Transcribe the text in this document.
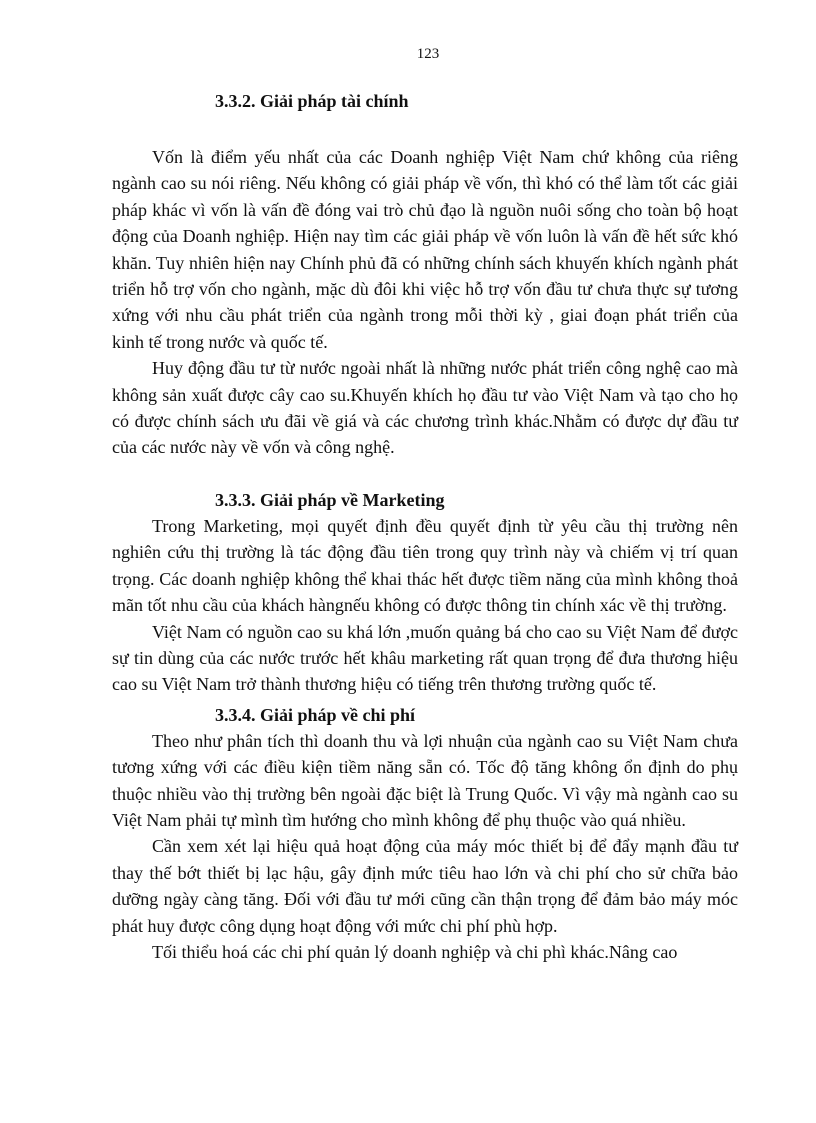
123
3.3.2. Giải pháp tài chính

Vốn là điểm yếu nhất của các Doanh nghiệp Việt Nam chứ không của riêng ngành cao su nói riêng. Nếu không có giải pháp về vốn, thì khó có thể làm tốt các giải pháp khác vì vốn là vấn đề đóng vai trò chủ đạo là nguồn nuôi sống cho toàn bộ hoạt động của Doanh nghiệp. Hiện nay tìm các giải pháp về vốn luôn là vấn đề hết sức khó khăn. Tuy nhiên hiện nay Chính phủ đã có những chính sách khuyến khích ngành phát triển hỗ trợ vốn cho ngành, mặc dù đôi khi việc hỗ trợ vốn đầu tư chưa thực sự tương xứng với nhu cầu phát triển của ngành trong mỗi thời kỳ , giai đoạn phát triển của kinh tế trong nước và quốc tế.

Huy động đầu tư từ nước ngoài nhất là những nước phát triển công nghệ cao mà không sản xuất được cây cao su.Khuyến khích họ đầu tư vào Việt Nam và tạo cho họ có được chính sách ưu đãi về giá và các chương trình khác.Nhằm có được dự đầu tư của các nước này về vốn và công nghệ.

3.3.3. Giải pháp về Marketing

Trong Marketing, mọi quyết định đều quyết định từ yêu cầu thị trường nên nghiên cứu thị trường là tác động đầu tiên trong quy trình này và chiếm vị trí quan trọng. Các doanh nghiệp không thể khai thác hết được tiềm năng của mình không thoả mãn tốt nhu cầu của khách hàngnếu không có được thông tin chính xác về thị trường.

Việt Nam có nguồn cao su khá lớn ,muốn quảng bá cho cao su Việt Nam để được sự tin dùng của các nước trước hết khâu marketing rất quan trọng để đưa thương hiệu cao su Việt Nam trở thành thương hiệu có tiếng trên thương trường quốc tế.

3.3.4. Giải pháp về chi phí

Theo như phân tích thì doanh thu và lợi nhuận của ngành cao su Việt Nam chưa tương xứng với các điều kiện tiềm năng sẵn có. Tốc độ tăng không ổn định do phụ thuộc nhiều vào thị trường bên ngoài đặc biệt là Trung Quốc. Vì vậy mà ngành cao su Việt Nam phải tự mình tìm hướng cho mình không để phụ thuộc vào quá nhiều.

Cần xem xét lại hiệu quả hoạt động của máy móc thiết bị để đẩy mạnh đầu tư thay thế bớt thiết bị lạc hậu, gây định mức tiêu hao lớn và chi phí cho sử chữa bảo dưỡng ngày càng tăng. Đối với đầu tư mới cũng cần thận trọng để đảm bảo máy móc phát huy được công dụng hoạt động với mức chi phí phù hợp.

Tối thiểu hoá các chi phí quản lý doanh nghiệp và chi phì khác.Nâng cao
